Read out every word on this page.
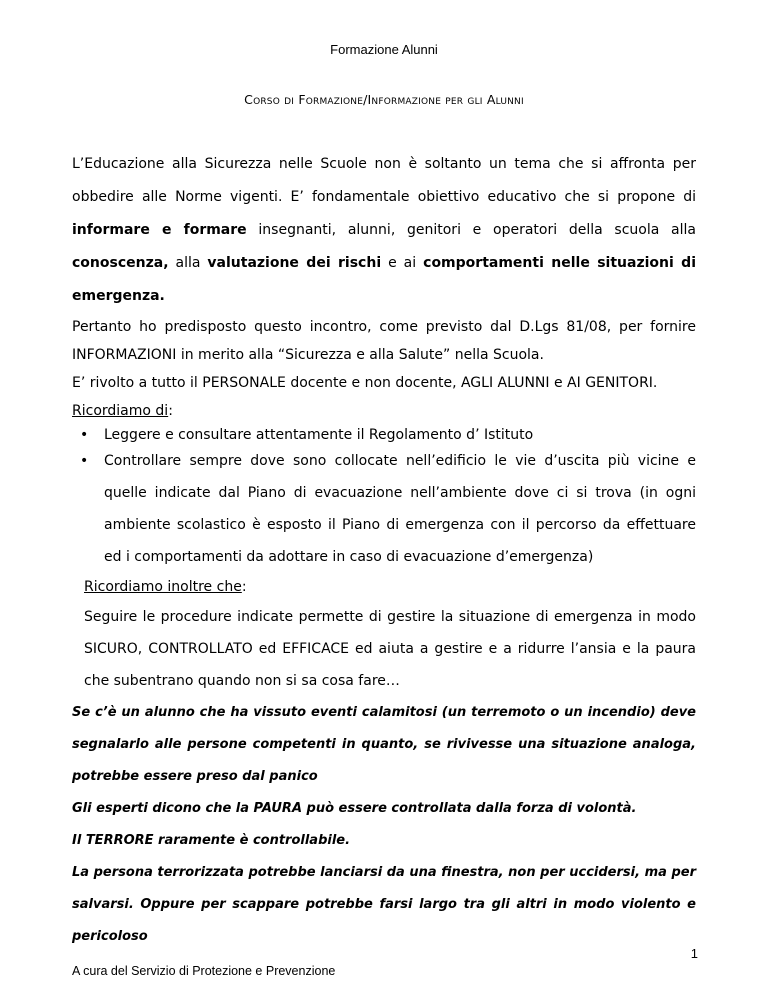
Formazione Alunni
Corso di Formazione/Informazione per gli Alunni

L’Educazione alla Sicurezza nelle Scuole non è soltanto un tema che si affronta per obbedire alle Norme vigenti. E’ fondamentale obiettivo educativo che si propone di informare e formare insegnanti, alunni, genitori e operatori della scuola alla conoscenza, alla valutazione dei rischi e ai comportamenti nelle situazioni di emergenza.

Pertanto ho predisposto questo incontro, come previsto dal D.Lgs 81/08, per fornire INFORMAZIONI in merito alla “Sicurezza e alla Salute” nella Scuola.

E’ rivolto a tutto il PERSONALE docente e non docente, AGLI ALUNNI e AI GENITORI.

Ricordiamo di:

• Leggere e consultare attentamente il Regolamento d’ Istituto
• Controllare sempre dove sono collocate nell’edificio le vie d’uscita più vicine e quelle indicate dal Piano di evacuazione nell’ambiente dove ci si trova (in ogni ambiente scolastico è esposto il Piano di emergenza con il percorso da effettuare ed i comportamenti da adottare in caso di evacuazione d’emergenza)

Ricordiamo inoltre che:

Seguire le procedure indicate permette di gestire la situazione di emergenza in modo SICURO, CONTROLLATO ed EFFICACE ed aiuta a gestire e a ridurre l’ansia e la paura che subentrano quando non si sa cosa fare…

Se c’è un alunno che ha vissuto eventi calamitosi (un terremoto o un incendio) deve segnalarlo alle persone competenti in quanto, se rivivesse una situazione analoga, potrebbe essere preso dal panico

Gli esperti dicono che la PAURA può essere controllata dalla forza di volontà.

Il TERRORE raramente è controllabile.

La persona terrorizzata potrebbe lanciarsi da una finestra, non per uccidersi, ma per salvarsi. Oppure per scappare potrebbe farsi largo tra gli altri in modo violento e pericoloso

1
A cura del Servizio di Protezione e Prevenzione
